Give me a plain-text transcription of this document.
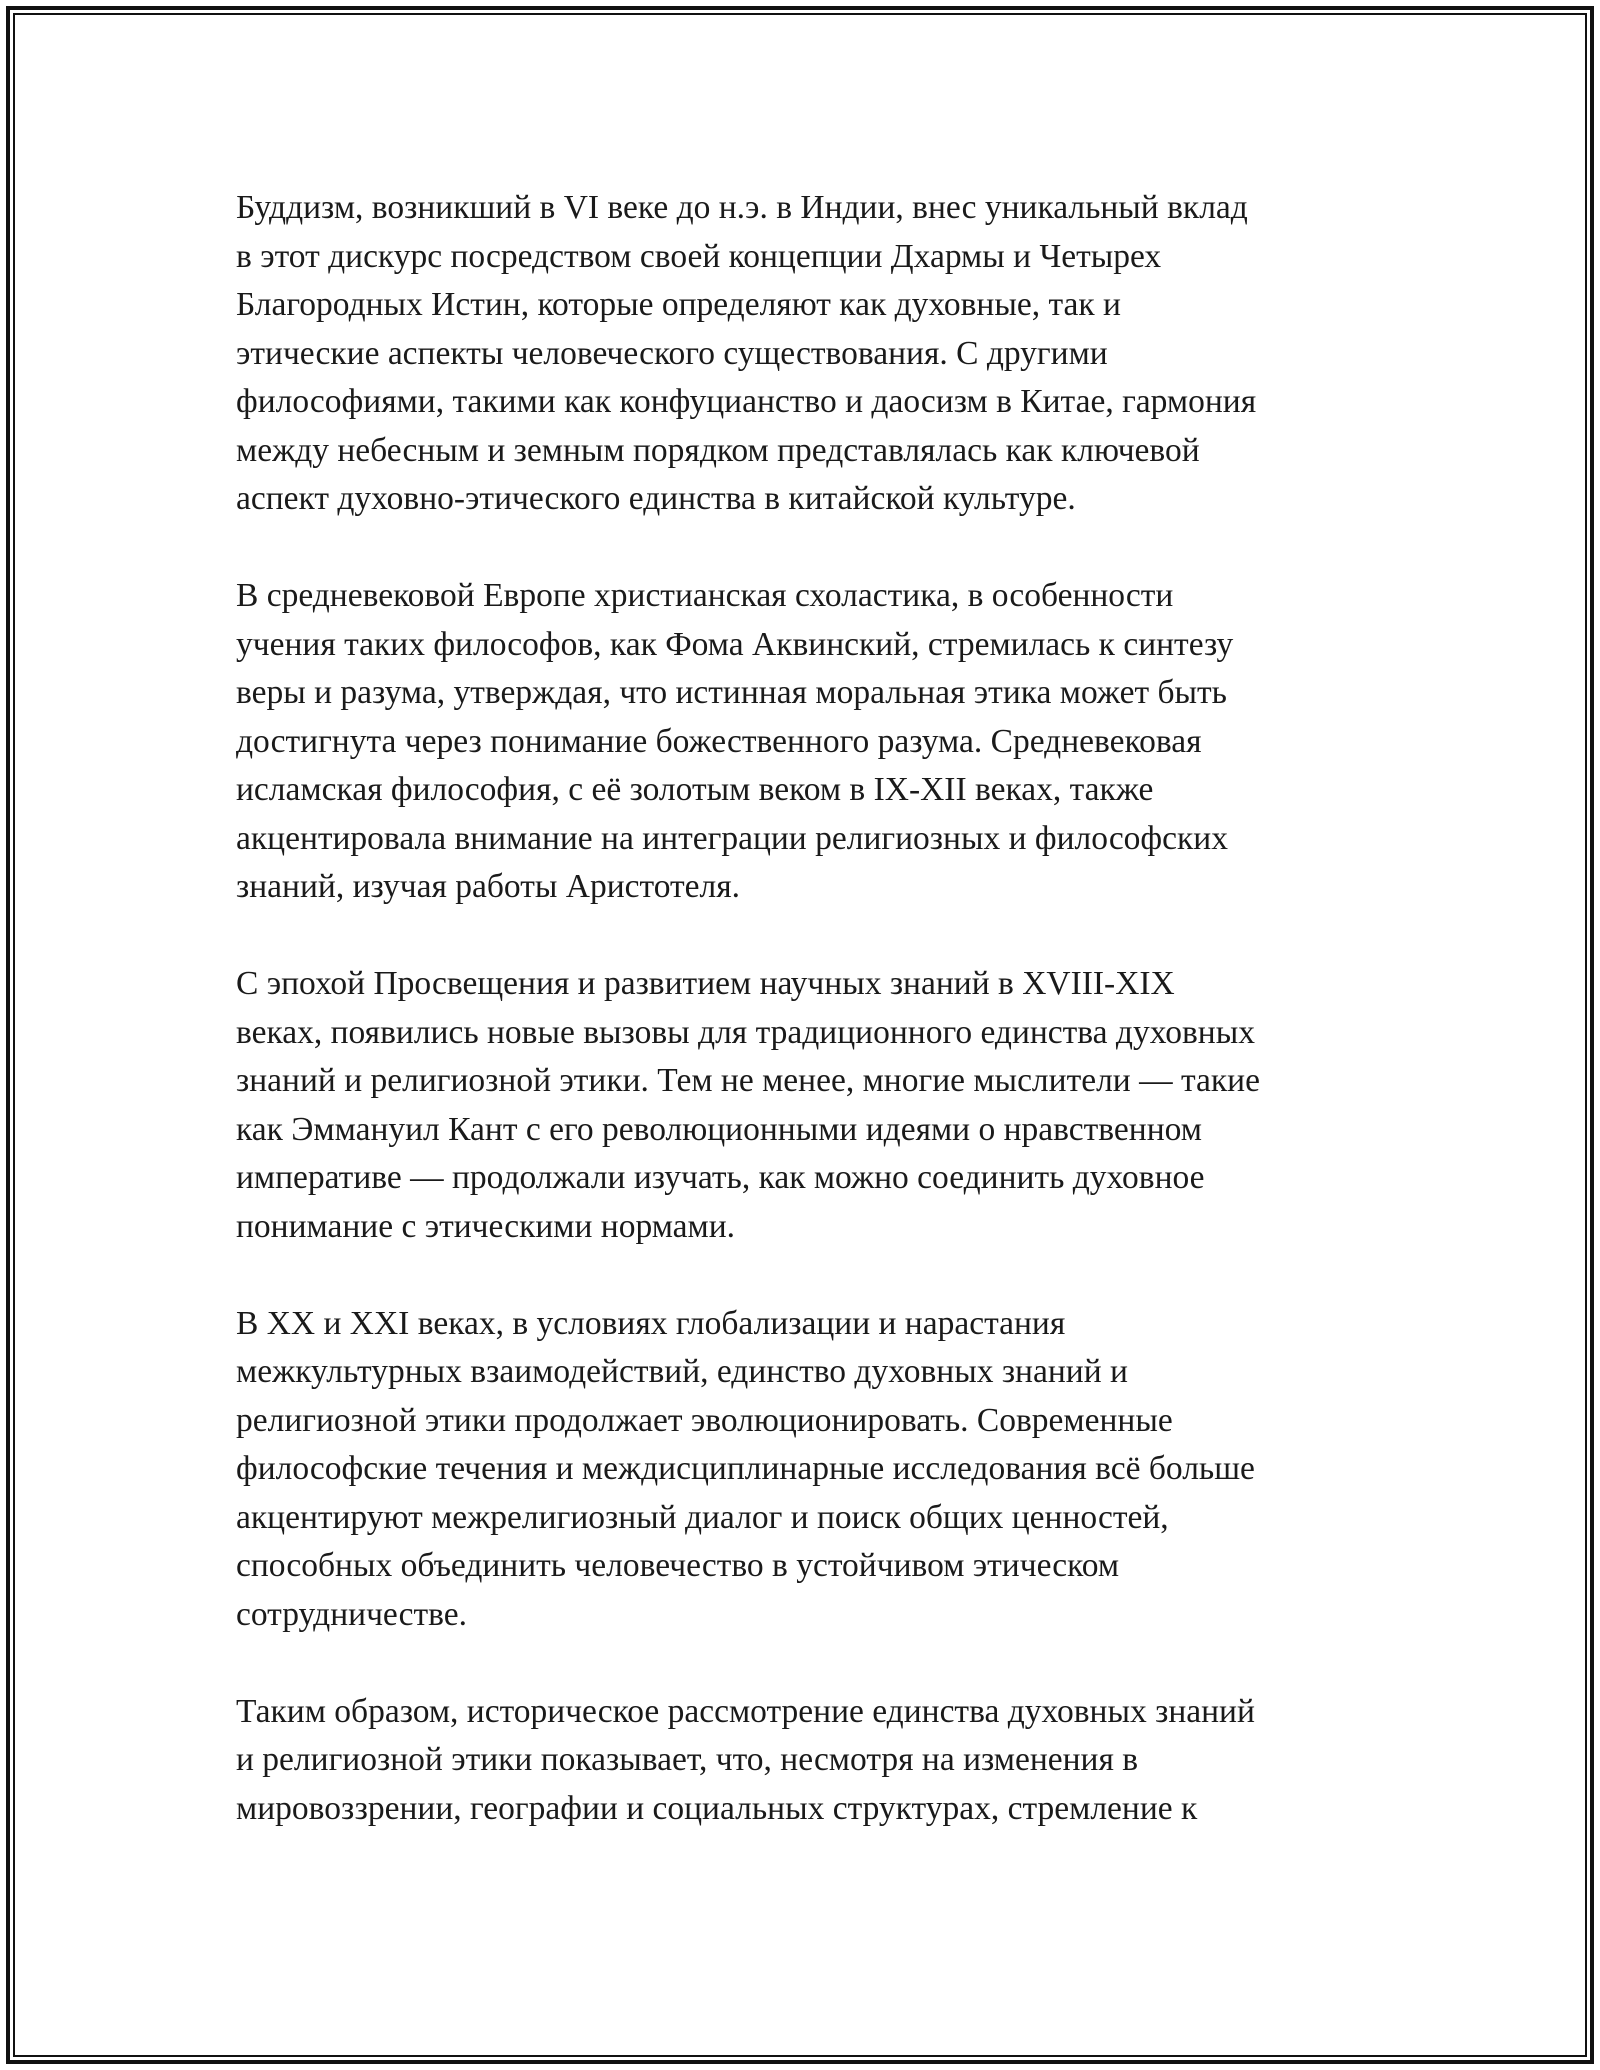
Буддизм, возникший в VI веке до н.э. в Индии, внес уникальный вклад
в этот дискурс посредством своей концепции Дхармы и Четырех
Благородных Истин, которые определяют как духовные, так и
этические аспекты человеческого существования. С другими
философиями, такими как конфуцианство и даосизм в Китае, гармония
между небесным и земным порядком представлялась как ключевой
аспект духовно-этического единства в китайской культуре.

В средневековой Европе христианская схоластика, в особенности
учения таких философов, как Фома Аквинский, стремилась к синтезу
веры и разума, утверждая, что истинная моральная этика может быть
достигнута через понимание божественного разума. Средневековая
исламская философия, с её золотым веком в IX-XII веках, также
акцентировала внимание на интеграции религиозных и философских
знаний, изучая работы Аристотеля.

С эпохой Просвещения и развитием научных знаний в XVIII-XIX
веках, появились новые вызовы для традиционного единства духовных
знаний и религиозной этики. Тем не менее, многие мыслители — такие
как Эммануил Кант с его революционными идеями о нравственном
императиве — продолжали изучать, как можно соединить духовное
понимание с этическими нормами.

В XX и XXI веках, в условиях глобализации и нарастания
межкультурных взаимодействий, единство духовных знаний и
религиозной этики продолжает эволюционировать. Современные
философские течения и междисциплинарные исследования всё больше
акцентируют межрелигиозный диалог и поиск общих ценностей,
способных объединить человечество в устойчивом этическом
сотрудничестве.

Таким образом, историческое рассмотрение единства духовных знаний
и религиозной этики показывает, что, несмотря на изменения в
мировоззрении, географии и социальных структурах, стремление к
